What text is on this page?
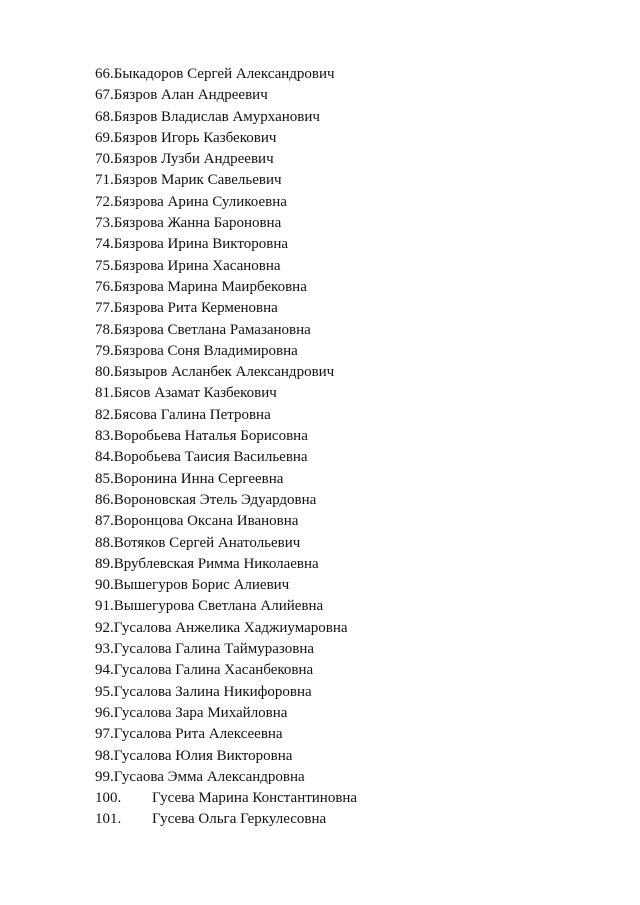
66.Быкадоров Сергей Александрович
67.Бязров Алан Андреевич
68.Бязров Владислав Амурханович
69.Бязров Игорь Казбекович
70.Бязров Лузби Андреевич
71.Бязров Марик Савельевич
72.Бязрова Арина Суликоевна
73.Бязрова Жанна Бароновна
74.Бязрова Ирина Викторовна
75.Бязрова Ирина Хасановна
76.Бязрова Марина Маирбековна
77.Бязрова Рита Керменовна
78.Бязрова Светлана Рамазановна
79.Бязрова Соня Владимировна
80.Бязыров Асланбек Александрович
81.Бясов Азамат Казбекович
82.Бясова Галина Петровна
83.Воробьева Наталья Борисовна
84.Воробьева Таисия Васильевна
85.Воронина Инна Сергеевна
86.Вороновская Этель Эдуардовна
87.Воронцова Оксана Ивановна
88.Вотяков Сергей Анатольевич
89.Врублевская Римма Николаевна
90.Вышегуров Борис Алиевич
91.Вышегурова Светлана Алийевна
92.Гусалова Анжелика Хаджиумаровна
93.Гусалова Галина Таймуразовна
94.Гусалова Галина Хасанбековна
95.Гусалова Залина Никифоровна
96.Гусалова Зара Михайловна
97.Гусалова Рита Алексеевна
98.Гусалова Юлия Викторовна
99.Гусаова Эмма Александровна
100. Гусева Марина Константиновна
101. Гусева Ольга Геркулесовна
